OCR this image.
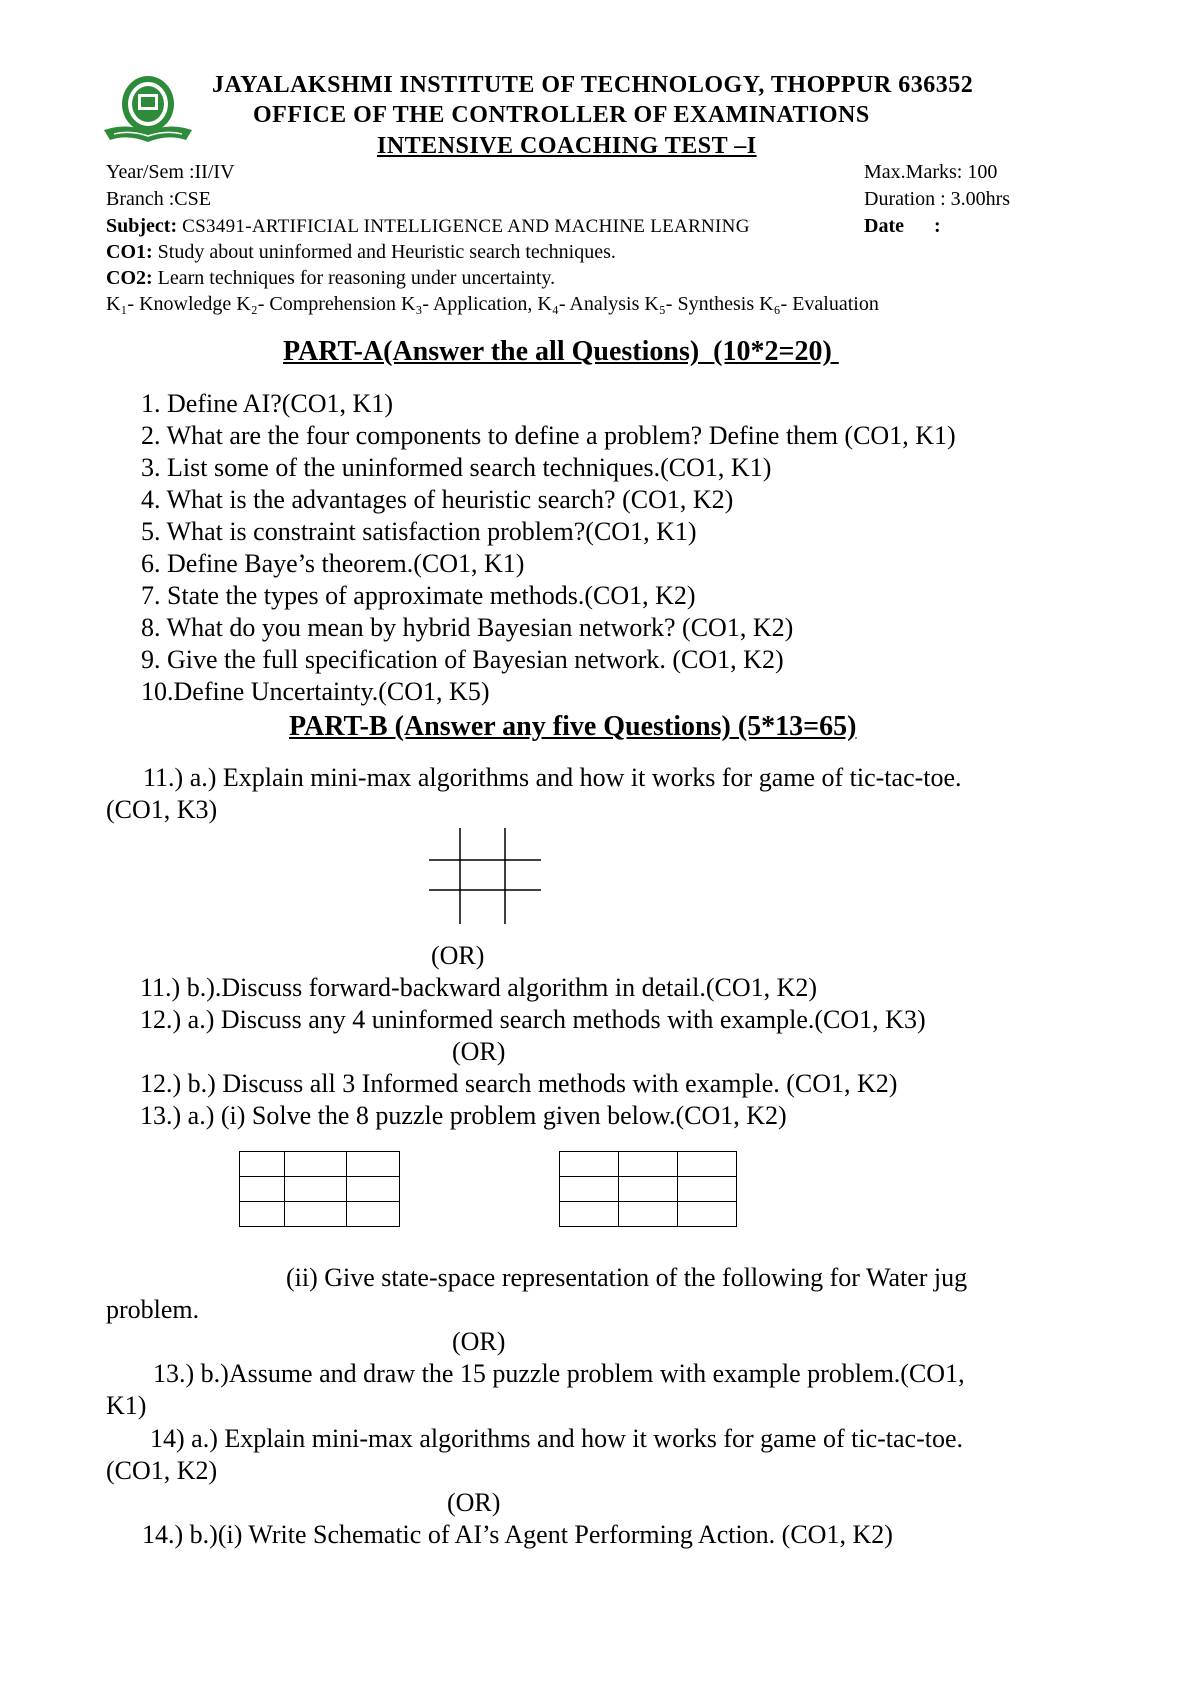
JAYALAKSHMI INSTITUTE OF TECHNOLOGY, THOPPUR 636352
OFFICE OF THE CONTROLLER OF EXAMINATIONS
INTENSIVE COACHING TEST –I
Year/Sem :II/IV	Max.Marks: 100
Branch :CSE	Duration : 3.00hrs
Subject: CS3491-ARTIFICIAL INTELLIGENCE AND MACHINE LEARNING	Date      :
CO1: Study about uninformed and Heuristic search techniques.
CO2: Learn techniques for reasoning under uncertainty.
K₁- Knowledge K₂- Comprehension K₃- Application, K₄- Analysis K₅- Synthesis K₆- Evaluation
PART-A(Answer the all Questions)  (10*2=20)
1. Define AI?(CO1, K1)
2. What are the four components to define a problem? Define them (CO1, K1)
3. List some of the uninformed search techniques.(CO1, K1)
4. What is the advantages of heuristic search? (CO1, K2)
5. What is constraint satisfaction problem?(CO1, K1)
6. Define Baye’s theorem.(CO1, K1)
7. State the types of approximate methods.(CO1, K2)
8. What do you mean by hybrid Bayesian network? (CO1, K2)
9. Give the full specification of Bayesian network. (CO1, K2)
10.Define Uncertainty.(CO1, K5)
PART-B (Answer any five Questions) (5*13=65)
11.) a.) Explain mini-max algorithms and how it works for game of tic-tac-toe.
(CO1, K3)
(OR)
11.) b.).Discuss forward-backward algorithm in detail.(CO1, K2)
12.) a.) Discuss any 4 uninformed search methods with example.(CO1, K3)
(OR)
12.) b.) Discuss all 3 Informed search methods with example. (CO1, K2)
13.) a.) (i) Solve the 8 puzzle problem given below.(CO1, K2)

(ii) Give state-space representation of the following for Water jug
problem.
(OR)
13.) b.)Assume and draw the 15 puzzle problem with example problem.(CO1,
K1)
14) a.) Explain mini-max algorithms and how it works for game of tic-tac-toe.
(CO1, K2)
(OR)
14.) b.)(i) Write Schematic of AI’s Agent Performing Action. (CO1, K2)
